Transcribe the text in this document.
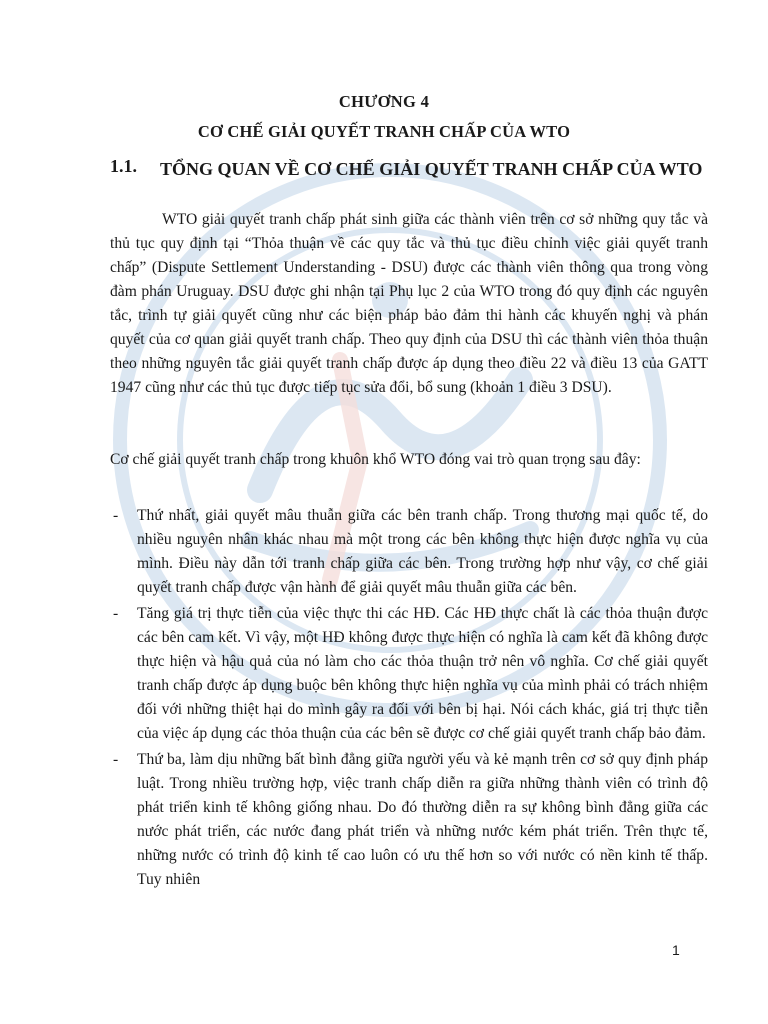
CHƯƠNG 4
CƠ CHẾ GIẢI QUYẾT TRANH CHẤP CỦA WTO
1.1. TỔNG QUAN VỀ CƠ CHẾ GIẢI QUYẾT TRANH CHẤP CỦA WTO
WTO giải quyết tranh chấp phát sinh giữa các thành viên trên cơ sở những quy tắc và thủ tục quy định tại “Thỏa thuận về các quy tắc và thủ tục điều chỉnh việc giải quyết tranh chấp” (Dispute Settlement Understanding - DSU) được các thành viên thông qua trong vòng đàm phán Uruguay. DSU được ghi nhận tại Phụ lục 2 của WTO trong đó quy định các nguyên tắc, trình tự giải quyết cũng như các biện pháp bảo đảm thi hành các khuyến nghị và phán quyết của cơ quan giải quyết tranh chấp. Theo quy định của DSU thì các thành viên thỏa thuận theo những nguyên tắc giải quyết tranh chấp được áp dụng theo điều 22 và điều 13 của GATT 1947 cũng như các thủ tục được tiếp tục sửa đổi, bổ sung (khoản 1 điều 3 DSU).
Cơ chế giải quyết tranh chấp trong khuôn khổ WTO đóng vai trò quan trọng sau đây:
- Thứ nhất, giải quyết mâu thuẫn giữa các bên tranh chấp. Trong thương mại quốc tế, do nhiều nguyên nhân khác nhau mà một trong các bên không thực hiện được nghĩa vụ của mình. Điều này dẫn tới tranh chấp giữa các bên. Trong trường hợp như vậy, cơ chế giải quyết tranh chấp được vận hành để giải quyết mâu thuẫn giữa các bên.
- Tăng giá trị thực tiễn của việc thực thi các HĐ. Các HĐ thực chất là các thỏa thuận được các bên cam kết. Vì vậy, một HĐ không được thực hiện có nghĩa là cam kết đã không được thực hiện và hậu quả của nó làm cho các thỏa thuận trở nên vô nghĩa. Cơ chế giải quyết tranh chấp được áp dụng buộc bên không thực hiện nghĩa vụ của mình phải có trách nhiệm đối với những thiệt hại do mình gây ra đối với bên bị hại. Nói cách khác, giá trị thực tiễn của việc áp dụng các thỏa thuận của các bên sẽ được cơ chế giải quyết tranh chấp bảo đảm.
- Thứ ba, làm dịu những bất bình đẳng giữa người yếu và kẻ mạnh trên cơ sở quy định pháp luật. Trong nhiều trường hợp, việc tranh chấp diễn ra giữa những thành viên có trình độ phát triển kinh tế không giống nhau. Do đó thường diễn ra sự không bình đẳng giữa các nước phát triển, các nước đang phát triển và những nước kém phát triển. Trên thực tế, những nước có trình độ kinh tế cao luôn có ưu thế hơn so với nước có nền kinh tế thấp. Tuy nhiên
1
